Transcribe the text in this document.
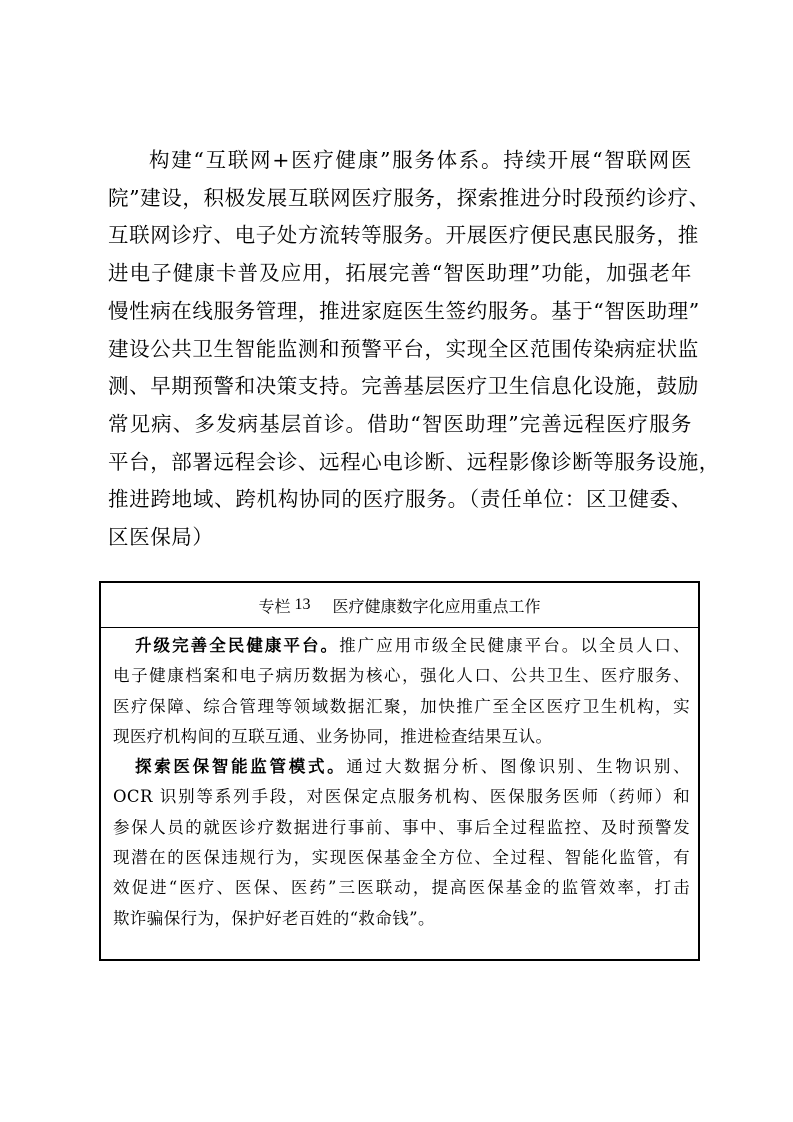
构建“互联网+医疗健康”服务体系。持续开展“智联网医
院”建设，积极发展互联网医疗服务，探索推进分时段预约诊疗、
互联网诊疗、电子处方流转等服务。开展医疗便民惠民服务，推
进电子健康卡普及应用，拓展完善“智医助理”功能，加强老年
慢性病在线服务管理，推进家庭医生签约服务。基于“智医助理”
建设公共卫生智能监测和预警平台，实现全区范围传染病症状监
测、早期预警和决策支持。完善基层医疗卫生信息化设施，鼓励
常见病、多发病基层首诊。借助“智医助理”完善远程医疗服务
平台，部署远程会诊、远程心电诊断、远程影像诊断等服务设施，
推进跨地域、跨机构协同的医疗服务。（责任单位：区卫健委、
区医保局）
专栏 13 医疗健康数字化应用重点工作
升级完善全民健康平台。推广应用市级全民健康平台。以全员人口、
电子健康档案和电子病历数据为核心，强化人口、公共卫生、医疗服务、
医疗保障、综合管理等领域数据汇聚，加快推广至全区医疗卫生机构，实
现医疗机构间的互联互通、业务协同，推进检查结果互认。
探索医保智能监管模式。通过大数据分析、图像识别、生物识别、
OCR 识别等系列手段，对医保定点服务机构、医保服务医师（药师）和
参保人员的就医诊疗数据进行事前、事中、事后全过程监控、及时预警发
现潜在的医保违规行为，实现医保基金全方位、全过程、智能化监管，有
效促进“医疗、医保、医药”三医联动，提高医保基金的监管效率，打击
欺诈骗保行为，保护好老百姓的“救命钱”。
